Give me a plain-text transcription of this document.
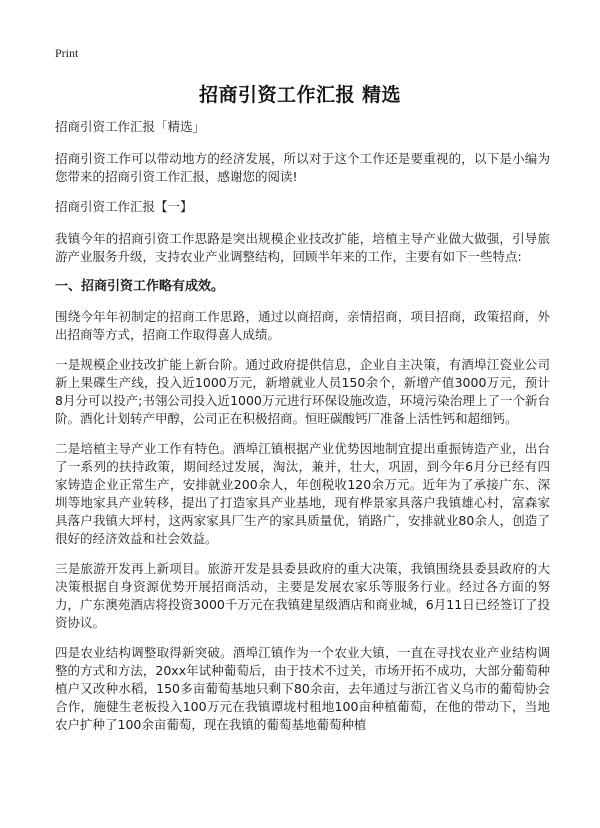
Print
招商引资工作汇报 精选

招商引资工作汇报「精选」

招商引资工作可以带动地方的经济发展，所以对于这个工作还是要重视的，以下是小编为您带来的招商引资工作汇报，感谢您的阅读!

招商引资工作汇报【一】

我镇今年的招商引资工作思路是突出规模企业技改扩能，培植主导产业做大做强，引导旅游产业服务升级，支持农业产业调整结构，回顾半年来的工作，主要有如下一些特点:

一、招商引资工作略有成效。

围绕今年年初制定的招商工作思路，通过以商招商，亲情招商，项目招商，政策招商，外出招商等方式，招商工作取得喜人成绩。

一是规模企业技改扩能上新台阶。通过政府提供信息，企业自主决策，有酒埠江瓷业公司新上果碟生产线，投入近1000万元，新增就业人员150余个，新增产值3000万元，预计8月分可以投产;书翎公司投入近1000万元进行环保设施改造，环境污染治理上了一个新台阶。酒化计划转产甲醇，公司正在积极招商。恒旺碳酸钙厂准备上活性钙和超细钙。

二是培植主导产业工作有特色。酒埠江镇根据产业优势因地制宜提出重振铸造产业，出台了一系列的扶持政策，期间经过发展，淘汰，兼并，壮大，巩固，到今年6月分已经有四家铸造企业正常生产，安排就业200余人，年创税收120余万元。近年为了承接广东、深圳等地家具产业转移，提出了打造家具产业基地，现有桦景家具落户我镇雄心村，富森家具落户我镇大坪村，这两家家具厂生产的家具质量优，销路广，安排就业80余人，创造了很好的经济效益和社会效益。

三是旅游开发再上新项目。旅游开发是县委县政府的重大决策，我镇围绕县委县政府的大决策根据自身资源优势开展招商活动，主要是发展农家乐等服务行业。经过各方面的努力，广东澳苑酒店将投资3000千万元在我镇建星级酒店和商业城，6月11日已经签订了投资协议。

四是农业结构调整取得新突破。酒埠江镇作为一个农业大镇，一直在寻找农业产业结构调整的方式和方法，20xx年试种葡萄后，由于技术不过关，市场开拓不成功，大部分葡萄种植户又改种水稻，150多亩葡萄基地只剩下80余亩，去年通过与浙江省义乌市的葡萄协会合作，施健生老板投入100万元在我镇谭垅村租地100亩种植葡萄，在他的带动下，当地农户扩种了100余亩葡萄，现在我镇的葡萄基地葡萄种植
